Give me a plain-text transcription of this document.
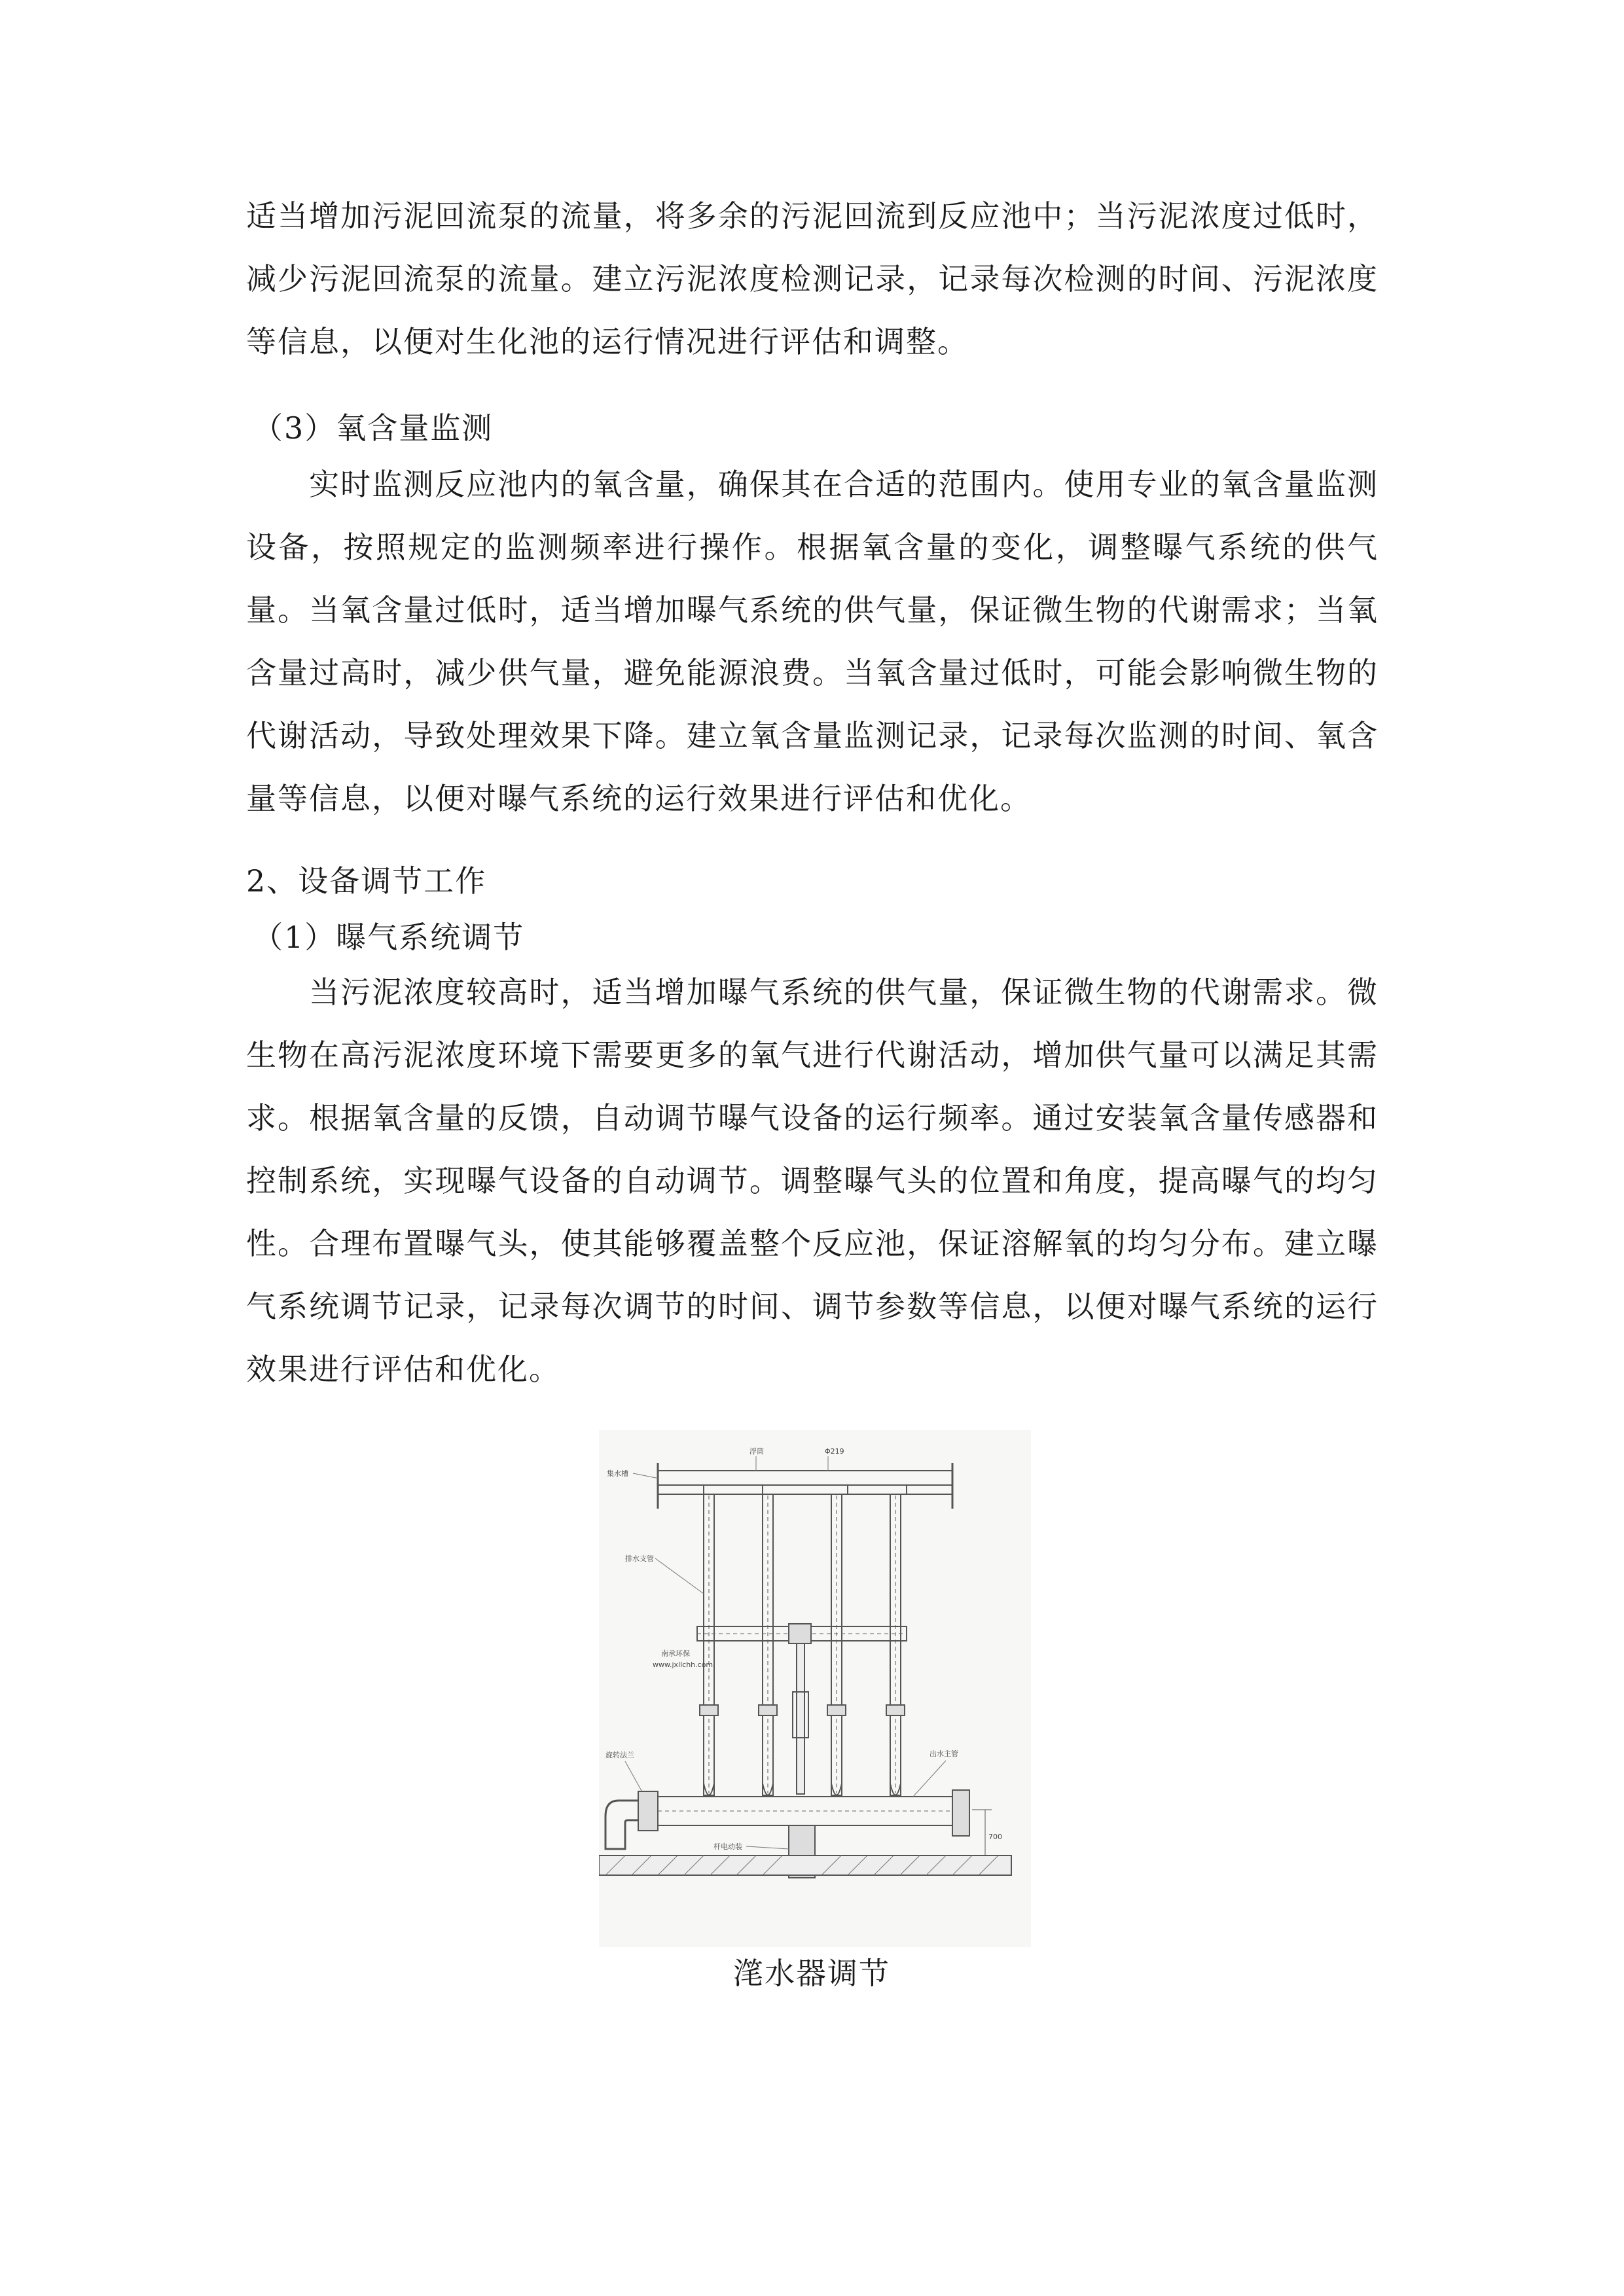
适当增加污泥回流泵的流量，将多余的污泥回流到反应池中；当污泥浓度过低时，减少污泥回流泵的流量。建立污泥浓度检测记录，记录每次检测的时间、污泥浓度等信息，以便对生化池的运行情况进行评估和调整。

（3）氧含量监测

实时监测反应池内的氧含量，确保其在合适的范围内。使用专业的氧含量监测设备，按照规定的监测频率进行操作。根据氧含量的变化，调整曝气系统的供气量。当氧含量过低时，适当增加曝气系统的供气量，保证微生物的代谢需求；当氧含量过高时，减少供气量，避免能源浪费。当氧含量过低时，可能会影响微生物的代谢活动，导致处理效果下降。建立氧含量监测记录，记录每次监测的时间、氧含量等信息，以便对曝气系统的运行效果进行评估和优化。

2、设备调节工作

（1）曝气系统调节

当污泥浓度较高时，适当增加曝气系统的供气量，保证微生物的代谢需求。微生物在高污泥浓度环境下需要更多的氧气进行代谢活动，增加供气量可以满足其需求。根据氧含量的反馈，自动调节曝气设备的运行频率。通过安装氧含量传感器和控制系统，实现曝气设备的自动调节。调整曝气头的位置和角度，提高曝气的均匀性。合理布置曝气头，使其能够覆盖整个反应池，保证溶解氧的均匀分布。建立曝气系统调节记录，记录每次调节的时间、调节参数等信息，以便对曝气系统的运行效果进行评估和优化。

浮筒	Φ219
集水槽
排水支管
南承环保
www.jxllchh.com
出水主管
旋转法兰
700
杆电动装
滗水器调节
